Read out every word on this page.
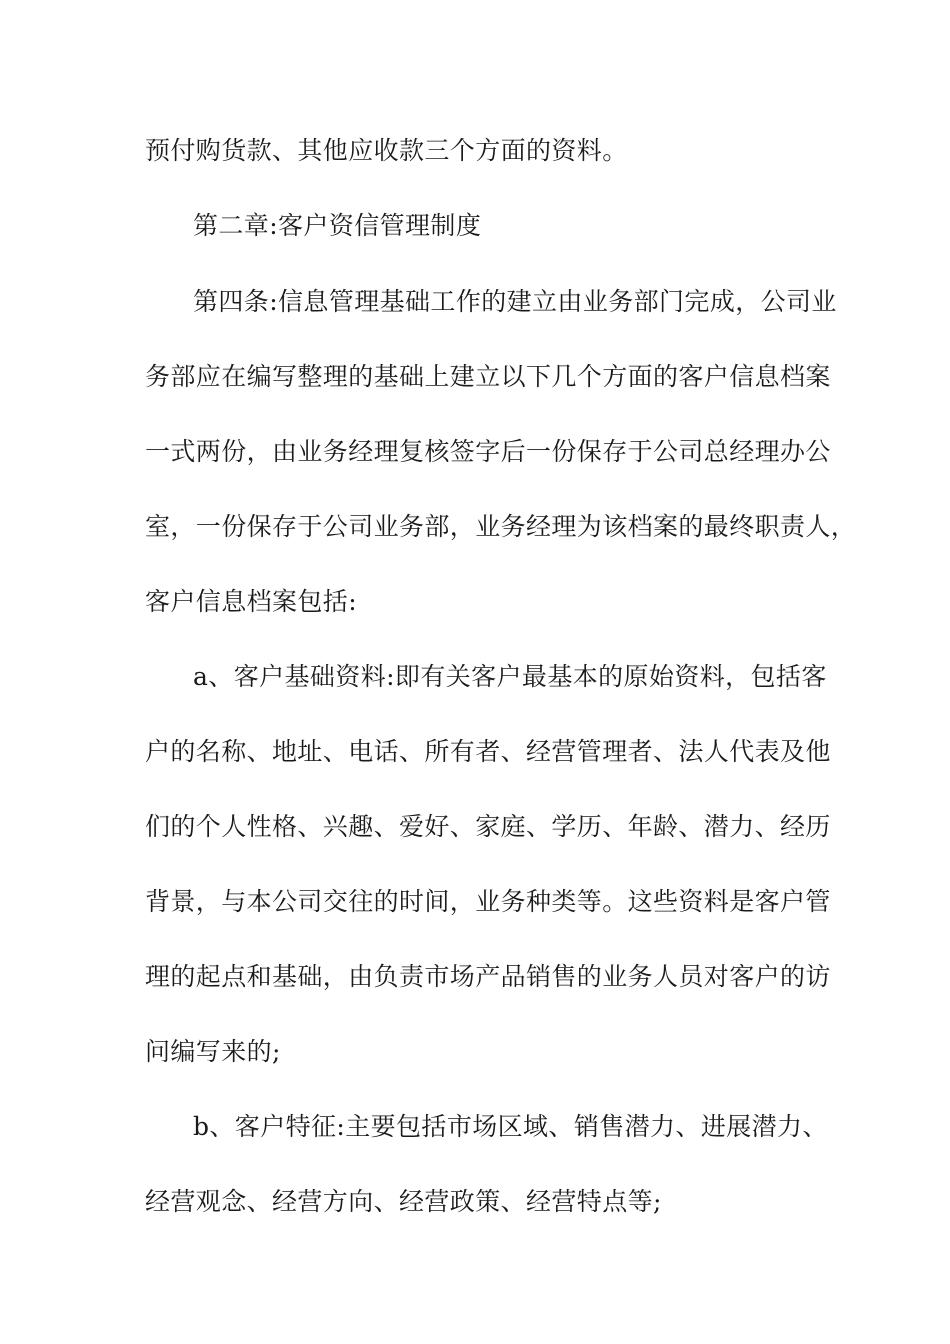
预付购货款、其他应收款三个方面的资料。
第二章:客户资信管理制度
第四条:信息管理基础工作的建立由业务部门完成，公司业
务部应在编写整理的基础上建立以下几个方面的客户信息档案
一式两份，由业务经理复核签字后一份保存于公司总经理办公
室，一份保存于公司业务部，业务经理为该档案的最终职责人，
客户信息档案包括:
a、客户基础资料:即有关客户最基本的原始资料，包括客
户的名称、地址、电话、所有者、经营管理者、法人代表及他
们的个人性格、兴趣、爱好、家庭、学历、年龄、潜力、经历
背景，与本公司交往的时间，业务种类等。这些资料是客户管
理的起点和基础，由负责市场产品销售的业务人员对客户的访
问编写来的;
b、客户特征:主要包括市场区域、销售潜力、进展潜力、
经营观念、经营方向、经营政策、经营特点等;
